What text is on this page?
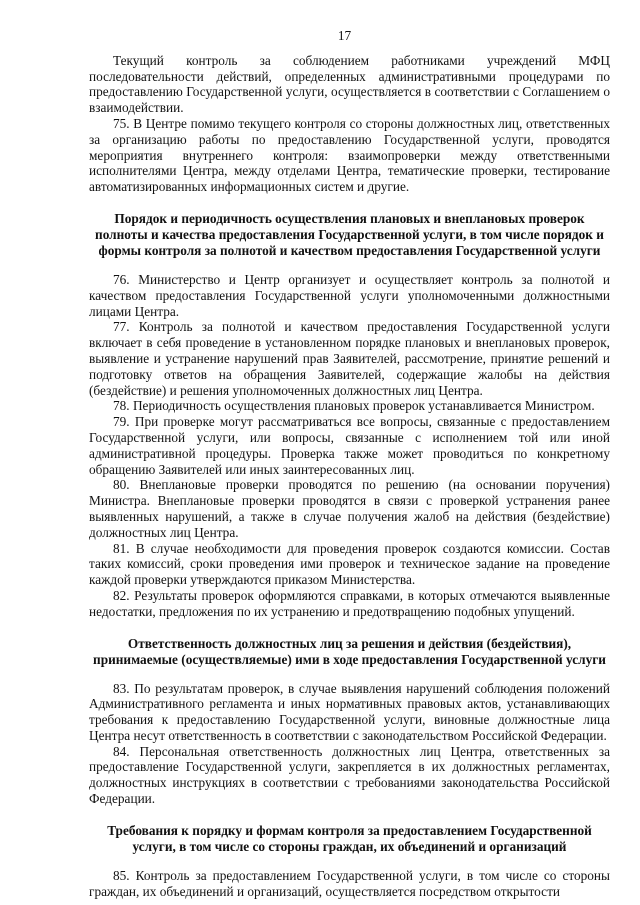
17

Текущий контроль за соблюдением работниками учреждений МФЦ последовательности действий, определенных административными процедурами по предоставлению Государственной услуги, осуществляется в соответствии с Соглашением о взаимодействии.

75. В Центре помимо текущего контроля со стороны должностных лиц, ответственных за организацию работы по предоставлению Государственной услуги, проводятся мероприятия внутреннего контроля: взаимопроверки между ответственными исполнителями Центра, между отделами Центра, тематические проверки, тестирование автоматизированных информационных систем и другие.

Порядок и периодичность осуществления плановых и внеплановых проверок полноты и качества предоставления Государственной услуги, в том числе порядок и формы контроля за полнотой и качеством предоставления Государственной услуги

76. Министерство и Центр организует и осуществляет контроль за полнотой и качеством предоставления Государственной услуги уполномоченными должностными лицами Центра.

77. Контроль за полнотой и качеством предоставления Государственной услуги включает в себя проведение в установленном порядке плановых и внеплановых проверок, выявление и устранение нарушений прав Заявителей, рассмотрение, принятие решений и подготовку ответов на обращения Заявителей, содержащие жалобы на действия (бездействие) и решения уполномоченных должностных лиц Центра.

78. Периодичность осуществления плановых проверок устанавливается Министром.

79. При проверке могут рассматриваться все вопросы, связанные с предоставлением Государственной услуги, или вопросы, связанные с исполнением той или иной административной процедуры. Проверка также может проводиться по конкретному обращению Заявителей или иных заинтересованных лиц.

80. Внеплановые проверки проводятся по решению (на основании поручения) Министра. Внеплановые проверки проводятся в связи с проверкой устранения ранее выявленных нарушений, а также в случае получения жалоб на действия (бездействие) должностных лиц Центра.

81. В случае необходимости для проведения проверок создаются комиссии. Состав таких комиссий, сроки проведения ими проверок и техническое задание на проведение каждой проверки утверждаются приказом Министерства.

82. Результаты проверок оформляются справками, в которых отмечаются выявленные недостатки, предложения по их устранению и предотвращению подобных упущений.

Ответственность должностных лиц за решения и действия (бездействия), принимаемые (осуществляемые) ими в ходе предоставления Государственной услуги

83. По результатам проверок, в случае выявления нарушений соблюдения положений Административного регламента и иных нормативных правовых актов, устанавливающих требования к предоставлению Государственной услуги, виновные должностные лица Центра несут ответственность в соответствии с законодательством Российской Федерации.

84. Персональная ответственность должностных лиц Центра, ответственных за предоставление Государственной услуги, закрепляется в их должностных регламентах, должностных инструкциях в соответствии с требованиями законодательства Российской Федерации.

Требования к порядку и формам контроля за предоставлением Государственной услуги, в том числе со стороны граждан, их объединений и организаций

85. Контроль за предоставлением Государственной услуги, в том числе со стороны граждан, их объединений и организаций, осуществляется посредством открытости
